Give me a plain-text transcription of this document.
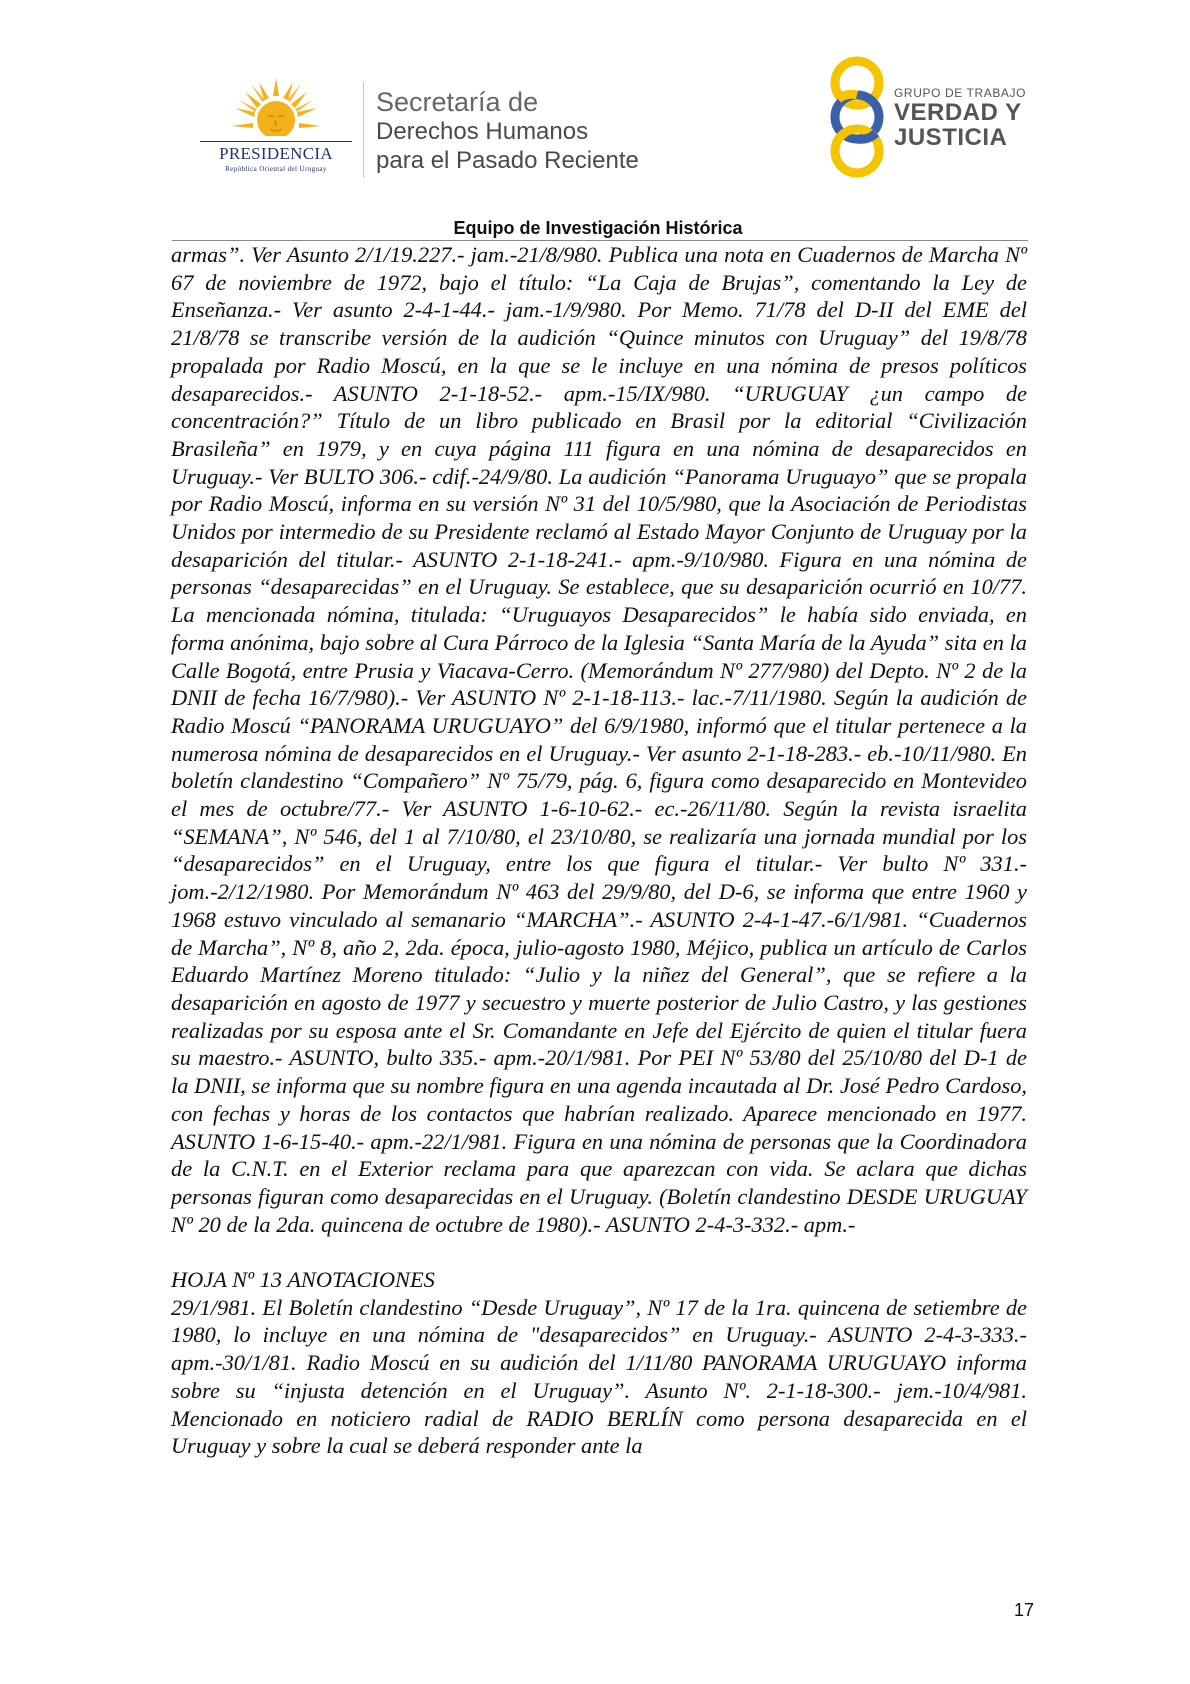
PRESIDENCIA
República Oriental del Uruguay
Secretaría de
Derechos Humanos
para el Pasado Reciente
GRUPO DE TRABAJO
VERDAD Y
JUSTICIA
Equipo de Investigación Histórica

armas”. Ver Asunto 2/1/19.227.- jam.-21/8/980. Publica una nota en Cuadernos de Marcha Nº 67 de noviembre de 1972, bajo el título: “La Caja de Brujas”, comentando la Ley de Enseñanza.- Ver asunto 2-4-1-44.- jam.-1/9/980. Por Memo. 71/78 del D-II del EME del 21/8/78 se transcribe versión de la audición “Quince minutos con Uruguay” del 19/8/78 propalada por Radio Moscú, en la que se le incluye en una nómina de presos políticos desaparecidos.- ASUNTO 2-1-18-52.- apm.-15/IX/980. “URUGUAY ¿un campo de concentración?” Título de un libro publicado en Brasil por la editorial “Civilización Brasileña” en 1979, y en cuya página 111 figura en una nómina de desaparecidos en Uruguay.- Ver BULTO 306.- cdif.-24/9/80. La audición “Panorama Uruguayo” que se propala por Radio Moscú, informa en su versión Nº 31 del 10/5/980, que la Asociación de Periodistas Unidos por intermedio de su Presidente reclamó al Estado Mayor Conjunto de Uruguay por la desaparición del titular.- ASUNTO 2-1-18-241.- apm.-9/10/980. Figura en una nómina de personas “desaparecidas” en el Uruguay. Se establece, que su desaparición ocurrió en 10/77. La mencionada nómina, titulada: “Uruguayos Desaparecidos” le había sido enviada, en forma anónima, bajo sobre al Cura Párroco de la Iglesia “Santa María de la Ayuda” sita en la Calle Bogotá, entre Prusia y Viacava-Cerro. (Memorándum Nº 277/980) del Depto. Nº 2 de la DNII de fecha 16/7/980).- Ver ASUNTO Nº 2-1-18-113.- lac.-7/11/1980. Según la audición de Radio Moscú “PANORAMA URUGUAYO” del 6/9/1980, informó que el titular pertenece a la numerosa nómina de desaparecidos en el Uruguay.- Ver asunto 2-1-18-283.- eb.-10/11/980. En boletín clandestino “Compañero” Nº 75/79, pág. 6, figura como desaparecido en Montevideo el mes de octubre/77.- Ver ASUNTO 1-6-10-62.- ec.-26/11/80. Según la revista israelita “SEMANA”, Nº 546, del 1 al 7/10/80, el 23/10/80, se realizaría una jornada mundial por los “desaparecidos” en el Uruguay, entre los que figura el titular.- Ver bulto Nº 331.- jom.-2/12/1980. Por Memorándum Nº 463 del 29/9/80, del D-6, se informa que entre 1960 y 1968 estuvo vinculado al semanario “MARCHA”.- ASUNTO 2-4-1-47.-6/1/981. “Cuadernos de Marcha”, Nº 8, año 2, 2da. época, julio-agosto 1980, Méjico, publica un artículo de Carlos Eduardo Martínez Moreno titulado: “Julio y la niñez del General”, que se refiere a la desaparición en agosto de 1977 y secuestro y muerte posterior de Julio Castro, y las gestiones realizadas por su esposa ante el Sr. Comandante en Jefe del Ejército de quien el titular fuera su maestro.- ASUNTO, bulto 335.- apm.-20/1/981. Por PEI Nº 53/80 del 25/10/80 del D-1 de la DNII, se informa que su nombre figura en una agenda incautada al Dr. José Pedro Cardoso, con fechas y horas de los contactos que habrían realizado. Aparece mencionado en 1977. ASUNTO 1-6-15-40.- apm.-22/1/981. Figura en una nómina de personas que la Coordinadora de la C.N.T. en el Exterior reclama para que aparezcan con vida. Se aclara que dichas personas figuran como desaparecidas en el Uruguay. (Boletín clandestino DESDE URUGUAY Nº 20 de la 2da. quincena de octubre de 1980).- ASUNTO 2-4-3-332.- apm.-

HOJA Nº 13 ANOTACIONES

29/1/981. El Boletín clandestino “Desde Uruguay”, Nº 17 de la 1ra. quincena de setiembre de 1980, lo incluye en una nómina de "desaparecidos” en Uruguay.- ASUNTO 2-4-3-333.- apm.-30/1/81. Radio Moscú en su audición del 1/11/80 PANORAMA URUGUAYO informa sobre su “injusta detención en el Uruguay”. Asunto Nº. 2-1-18-300.- jem.-10/4/981. Mencionado en noticiero radial de RADIO BERLÍN como persona desaparecida en el Uruguay y sobre la cual se deberá responder ante la

17
